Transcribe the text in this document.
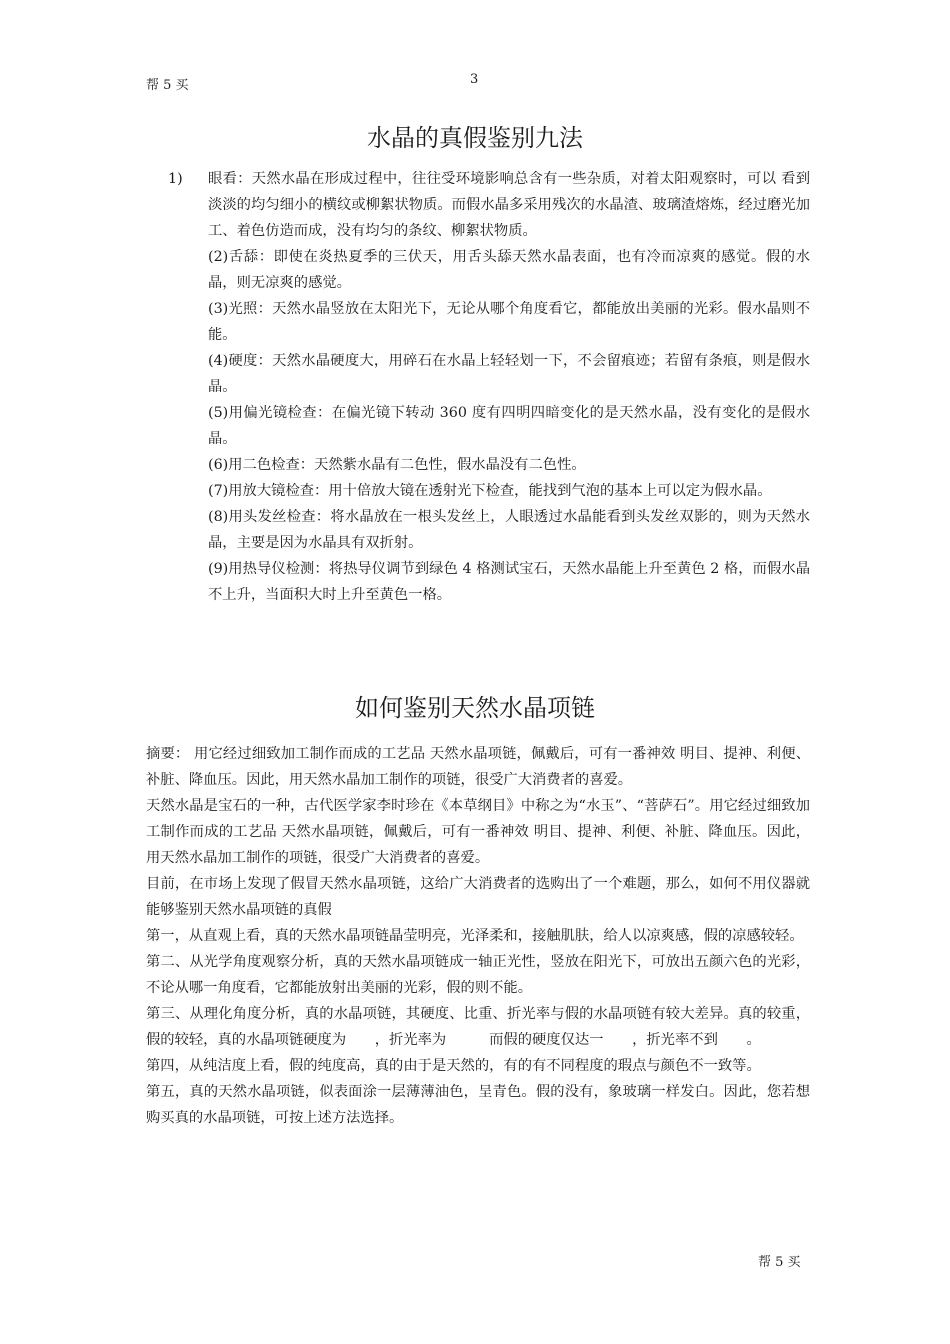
帮 5 买	3
水晶的真假鉴别九法
1) 眼看：天然水晶在形成过程中，往往受环境影响总含有一些杂质，对着太阳观察时，可以 看到淡淡的均匀细小的横纹或柳絮状物质。而假水晶多采用残次的水晶渣、玻璃渣熔炼，经过磨光加工、着色仿造而成，没有均匀的条纹、柳絮状物质。

(2)舌舔：即使在炎热夏季的三伏天，用舌头舔天然水晶表面，也有冷而凉爽的感觉。假的水晶，则无凉爽的感觉。

(3)光照：天然水晶竖放在太阳光下，无论从哪个角度看它，都能放出美丽的光彩。假水晶则不能。

(4)硬度：天然水晶硬度大，用碎石在水晶上轻轻划一下，不会留痕迹；若留有条痕，则是假水晶。

(5)用偏光镜检查：在偏光镜下转动 360 度有四明四暗变化的是天然水晶，没有变化的是假水晶。

(6)用二色检查：天然紫水晶有二色性，假水晶没有二色性。

(7)用放大镜检查：用十倍放大镜在透射光下检查，能找到气泡的基本上可以定为假水晶。

(8)用头发丝检查：将水晶放在一根头发丝上，人眼透过水晶能看到头发丝双影的，则为天然水晶，主要是因为水晶具有双折射。

(9)用热导仪检测：将热导仪调节到绿色 4 格测试宝石，天然水晶能上升至黄色 2 格，而假水晶不上升，当面积大时上升至黄色一格。

如何鉴别天然水晶项链

摘要： 用它经过细致加工制作而成的工艺品 天然水晶项链，佩戴后，可有一番神效 明目、提神、利便、补脏、降血压。因此，用天然水晶加工制作的项链，很受广大消费者的喜爱。

天然水晶是宝石的一种，古代医学家李时珍在《本草纲目》中称之为“水玉”、“菩萨石”。用它经过细致加工制作而成的工艺品 天然水晶项链，佩戴后，可有一番神效 明目、提神、利便、补脏、降血压。因此，用天然水晶加工制作的项链，很受广大消费者的喜爱。

目前，在市场上发现了假冒天然水晶项链，这给广大消费者的选购出了一个难题，那么，如何不用仪器就能够鉴别天然水晶项链的真假

第一，从直观上看，真的天然水晶项链晶莹明亮，光泽柔和，接触肌肤，给人以凉爽感，假的凉感较轻。

第二、从光学角度观察分析，真的天然水晶项链成一轴正光性，竖放在阳光下，可放出五颜六色的光彩，不论从哪一角度看，它都能放射出美丽的光彩，假的则不能。

第三、从理化角度分析，真的水晶项链，其硬度、比重、折光率与假的水晶项链有较大差异。真的较重，假的较轻，真的水晶项链硬度为　　，折光率为　　　而假的硬度仅达一　　，折光率不到　　。

第四，从纯洁度上看，假的纯度高，真的由于是天然的，有的有不同程度的瑕点与颜色不一致等。

第五，真的天然水晶项链，似表面涂一层薄薄油色，呈青色。假的没有，象玻璃一样发白。因此，您若想购买真的水晶项链，可按上述方法选择。

帮 5 买
